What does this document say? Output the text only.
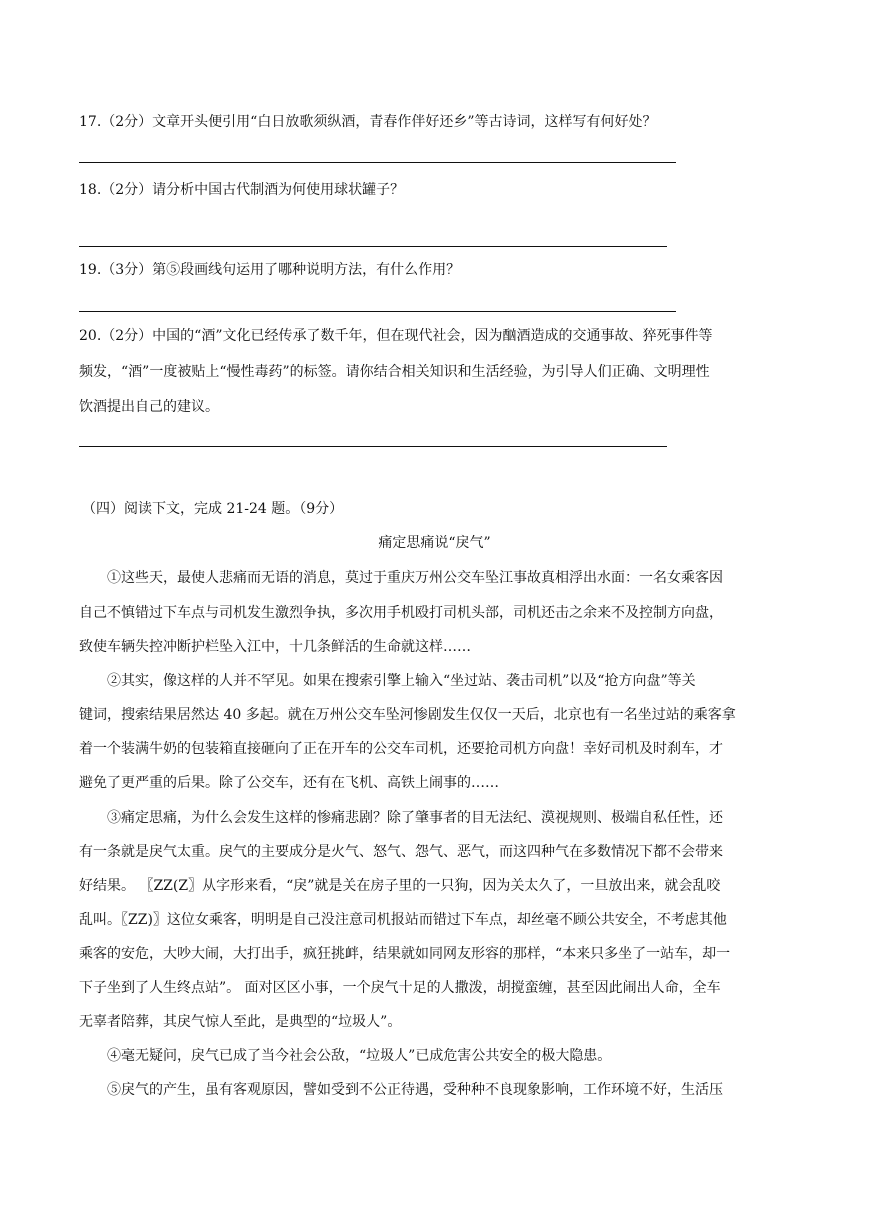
17.（2分）文章开头便引用“白日放歌须纵酒，青春作伴好还乡”等古诗词，这样写有何好处？
18.（2分）请分析中国古代制酒为何使用球状罐子？
19.（3分）第⑤段画线句运用了哪种说明方法，有什么作用？
20.（2分）中国的“酒”文化已经传承了数千年，但在现代社会，因为酗酒造成的交通事故、猝死事件等
频发，“酒”一度被贴上“慢性毒药”的标签。请你结合相关知识和生活经验，为引导人们正确、文明理性
饮酒提出自己的建议。
（四）阅读下文，完成 21-24 题。（9分）
痛定思痛说“戾气”
①这些天，最使人悲痛而无语的消息，莫过于重庆万州公交车坠江事故真相浮出水面：一名女乘客因
自己不慎错过下车点与司机发生激烈争执，多次用手机殴打司机头部，司机还击之余来不及控制方向盘，
致使车辆失控冲断护栏坠入江中，十几条鲜活的生命就这样……
②其实，像这样的人并不罕见。如果在搜索引擎上输入“坐过站、袭击司机”以及“抢方向盘”等关
键词，搜索结果居然达 40 多起。就在万州公交车坠河惨剧发生仅仅一天后，北京也有一名坐过站的乘客拿
着一个装满牛奶的包装箱直接砸向了正在开车的公交车司机，还要抢司机方向盘！幸好司机及时刹车，才
避免了更严重的后果。除了公交车，还有在飞机、高铁上闹事的……
③痛定思痛，为什么会发生这样的惨痛悲剧？除了肇事者的目无法纪、漠视规则、极端自私任性，还
有一条就是戾气太重。戾气的主要成分是火气、怒气、怨气、恶气，而这四种气在多数情况下都不会带来
好结果。 〖ZZ(Z〗从字形来看，“戾”就是关在房子里的一只狗，因为关太久了，一旦放出来，就会乱咬
乱叫。〖ZZ)〗这位女乘客，明明是自己没注意司机报站而错过下车点，却丝毫不顾公共安全，不考虑其他
乘客的安危，大吵大闹，大打出手，疯狂挑衅，结果就如同网友形容的那样，“本来只多坐了一站车，却一
下子坐到了人生终点站”。 面对区区小事，一个戾气十足的人撒泼，胡搅蛮缠，甚至因此闹出人命，全车
无辜者陪葬，其戾气惊人至此，是典型的“垃圾人”。
④毫无疑问，戾气已成了当今社会公敌，“垃圾人”已成危害公共安全的极大隐患。
⑤戾气的产生，虽有客观原因，譬如受到不公正待遇，受种种不良现象影响，工作环境不好，生活压
